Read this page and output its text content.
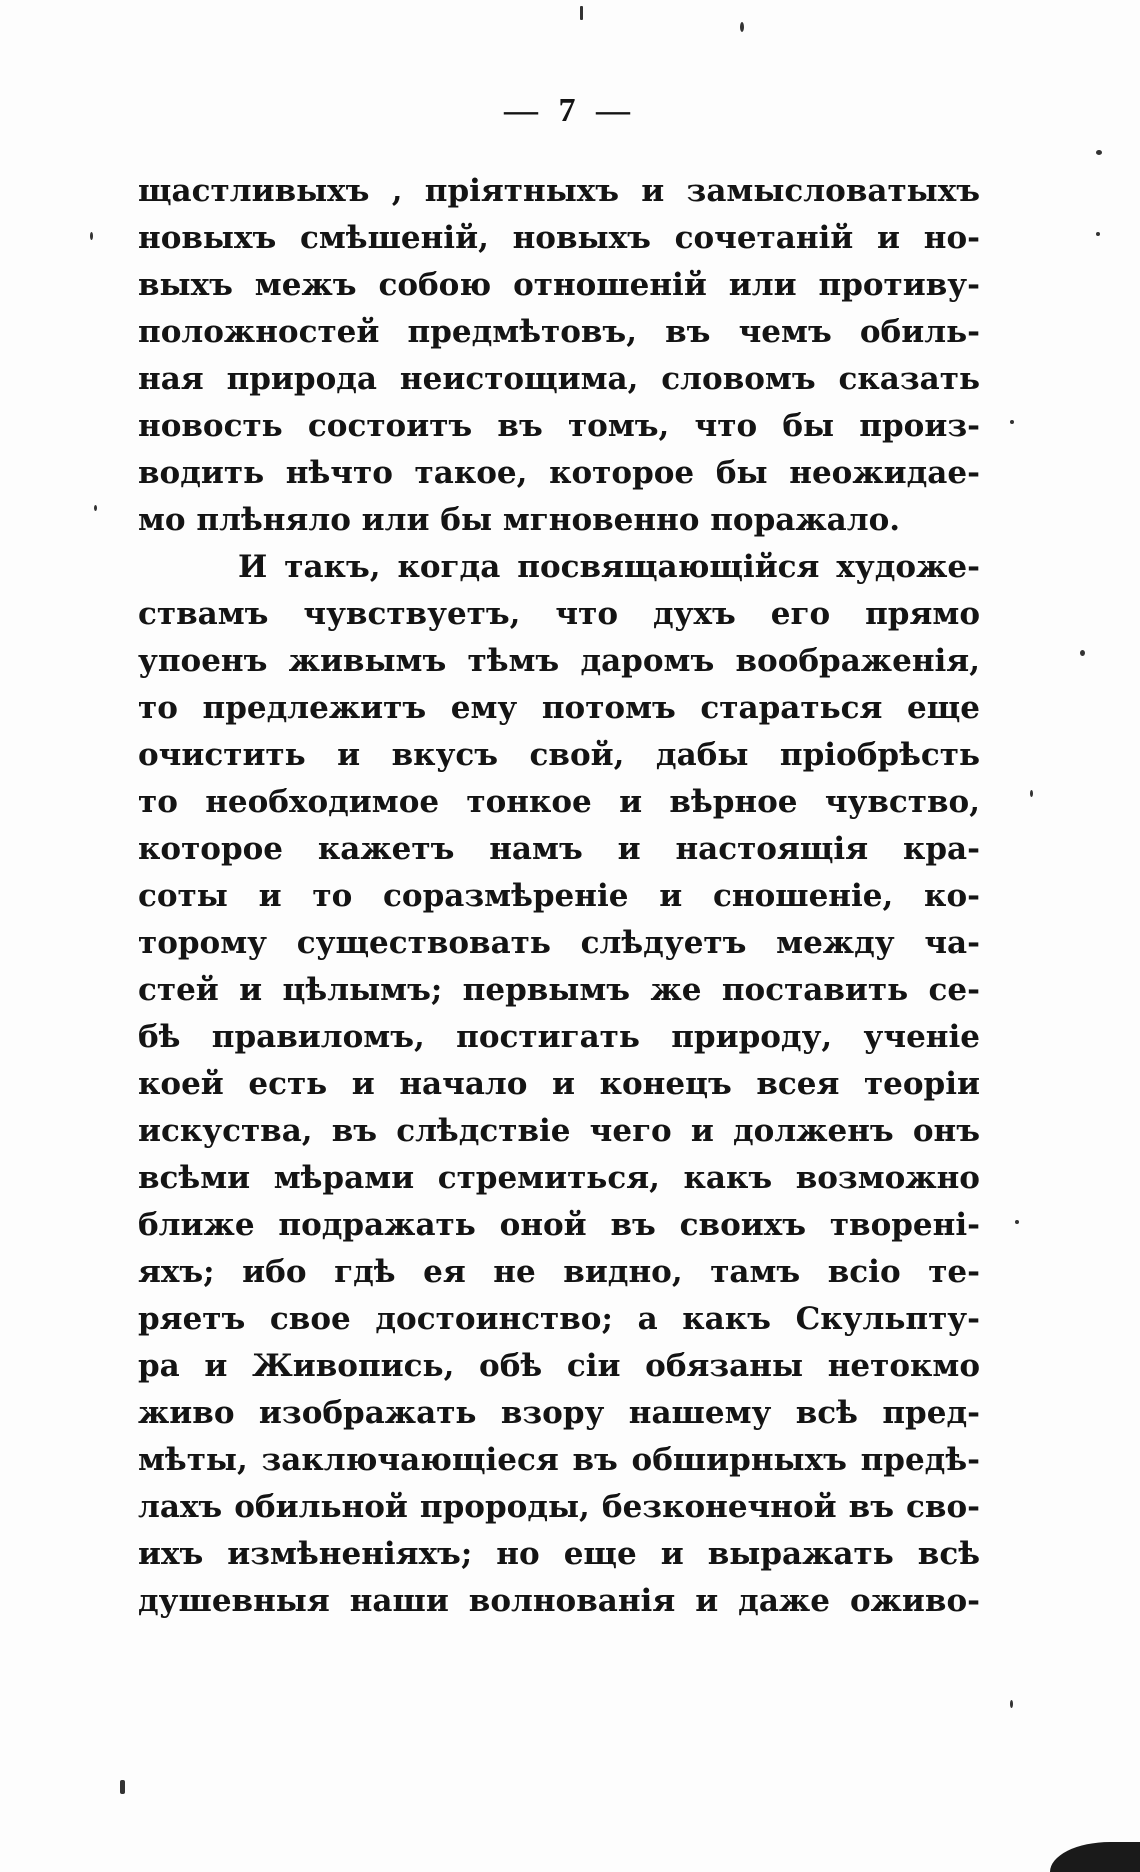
— 7 —
щастливыхъ , пріятныхъ и замысловатыхъ
новыхъ смѣшеній, новыхъ сочетаній и но-
выхъ межъ собою отношеній или противу-
положностей предмѣтовъ, въ чемъ обиль-
ная природа неистощима, словомъ сказать
новость состоитъ въ томъ, что бы произ-
водить нѣчто такое, которое бы неожидае-
мо плѣняло или бы мгновенно поражало.
И такъ, когда посвящающійся художе-
ствамъ чувствуетъ, что духъ его прямо
упоенъ живымъ тѣмъ даромъ воображенія,
то предлежитъ ему потомъ стараться еще
очистить и вкусъ свой, дабы пріобрѣсть
то необходимое тонкое и вѣрное чувство,
которое кажетъ намъ и настоящія кра-
соты и то соразмѣреніе и сношеніе, ко-
торому существовать слѣдуетъ между ча-
стей и цѣлымъ; первымъ же поставить се-
бѣ правиломъ, постигать природу, ученіе
коей есть и начало и конецъ всея теоріи
искуства, въ слѣдствіе чего и долженъ онъ
всѣми мѣрами стремиться, какъ возможно
ближе подражать оной въ своихъ творені-
яхъ; ибо гдѣ ея не видно, тамъ всіо те-
ряетъ свое достоинство; а какъ Скульпту-
ра и Живопись, обѣ сіи обязаны нетокмо
живо изображать взору нашему всѣ пред-
мѣты, заключающіеся въ обширныхъ предѣ-
лахъ обильной пророды, безконечной въ сво-
ихъ измѣненіяхъ; но еще и выражать всѣ
душевныя наши волнованія и даже оживо-
